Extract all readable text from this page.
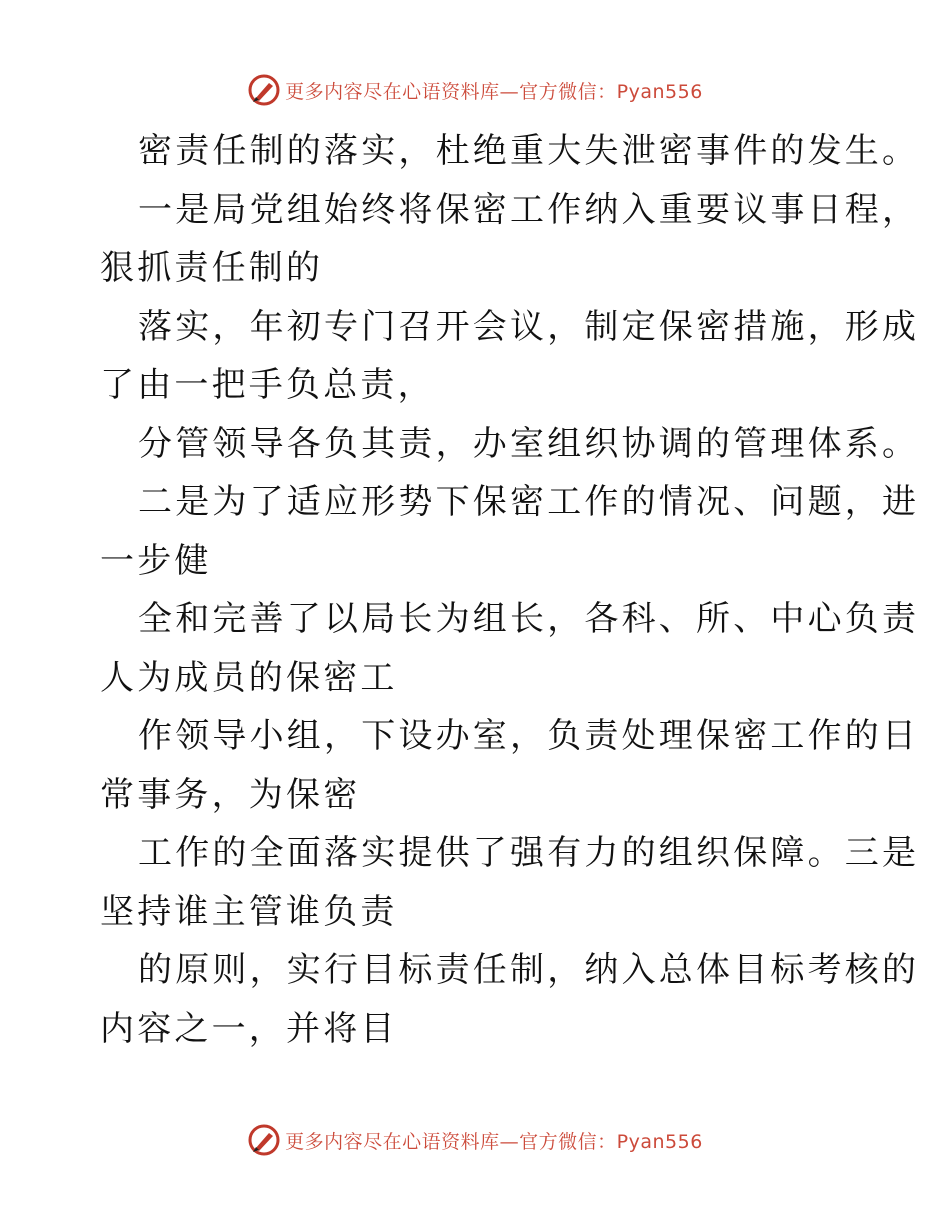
更多内容尽在心语资料库—官方微信：Pyan556

密责任制的落实，杜绝重大失泄密事件的发生。

一是局党组始终将保密工作纳入重要议事日程，
狠抓责任制的

落实，年初专门召开会议，制定保密措施，形成
了由一把手负总责，

分管领导各负其责，办室组织协调的管理体系。

二是为了适应形势下保密工作的情况、问题，进
一步健

全和完善了以局长为组长，各科、所、中心负责
人为成员的保密工

作领导小组，下设办室，负责处理保密工作的日
常事务，为保密

工作的全面落实提供了强有力的组织保障。三是
坚持谁主管谁负责

的原则，实行目标责任制，纳入总体目标考核的
内容之一，并将目

更多内容尽在心语资料库—官方微信：Pyan556
